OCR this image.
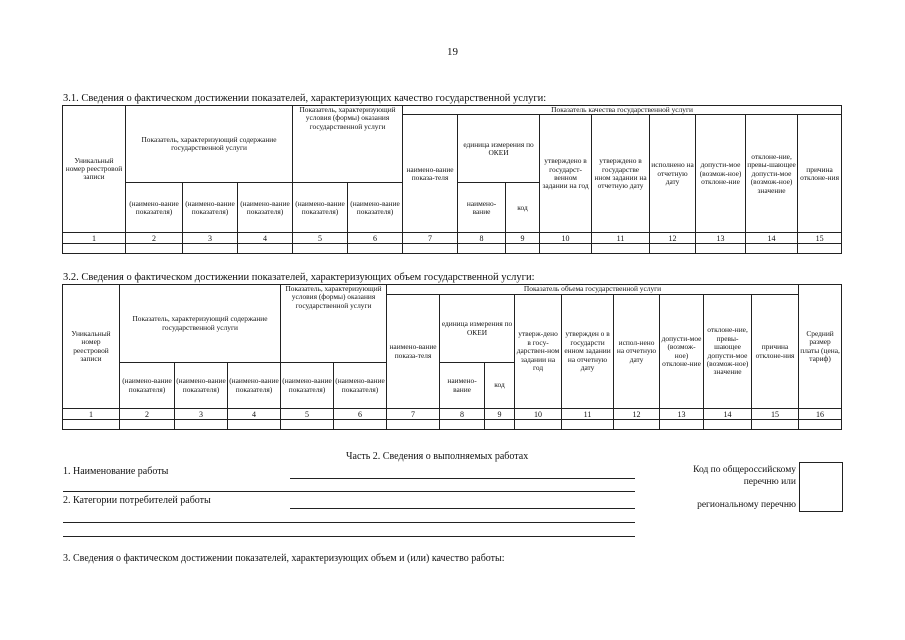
19
3.1. Сведения о фактическом достижении показателей, характеризующих качество государственной услуги:
Уникальный номер реестровой записи	Показатель, характеризующий содержание государственной услуги			Показатель, характеризующий условия (формы) оказания государственной услуги		Показатель качества государственной услуги								
						наимено-вание показа-теля	единица измерения по ОКЕИ		утверждено в государст-венном задании на год	утверждено в государстве нном задании на отчетную дату	исполнено на отчетную дату	допусти-мое (возмож-ное) отклоне-ние	отклоне-ние, превы-шающее допусти-мое (возмож-ное) значение	причина отклоне-ния
	(наимено-вание показателя)	(наимено-вание показателя)	(наимено-вание показателя)	(наимено-вание показателя)	(наимено-вание показателя)		наимено-вание	код						
1	2	3	4	5	6	7	8	9	10	11	12	13	14	15

3.2. Сведения о фактическом достижении показателей, характеризующих объем государственной услуги:
Уникальный номер реестровой записи	Показатель, характеризующий содержание государственной услуги			Показатель, характеризующий условия (формы) оказания государственной услуги		Показатель объема государственной услуги									Средний размер платы (цена, тариф)
						наимено-вание показа-теля	единица измерения по ОКЕИ		утверж-дено в госу-дарствен-ном задании на год	утвержден о в государсти енном задании на отчетную дату	испол-нено на отчетную дату	допусти-мое (возмож-ное) отклоне-ние	отклоне-ние, превы-шающее допусти-мое (возмож-ное) значение	причина отклоне-ния	
	(наимено-вание показателя)	(наимено-вание показателя)	(наимено-вание показателя)	(наимено-вание показателя)	(наимено-вание показателя)		наимено-вание	код							
1	2	3	4	5	6	7	8	9	10	11	12	13	14	15	16

Часть 2. Сведения о выполняемых работах
1. Наименование работы
2. Категории потребителей работы
Код по общероссийскому
перечню или
региональному перечню
3. Сведения о фактическом достижении показателей, характеризующих объем и (или) качество работы:
